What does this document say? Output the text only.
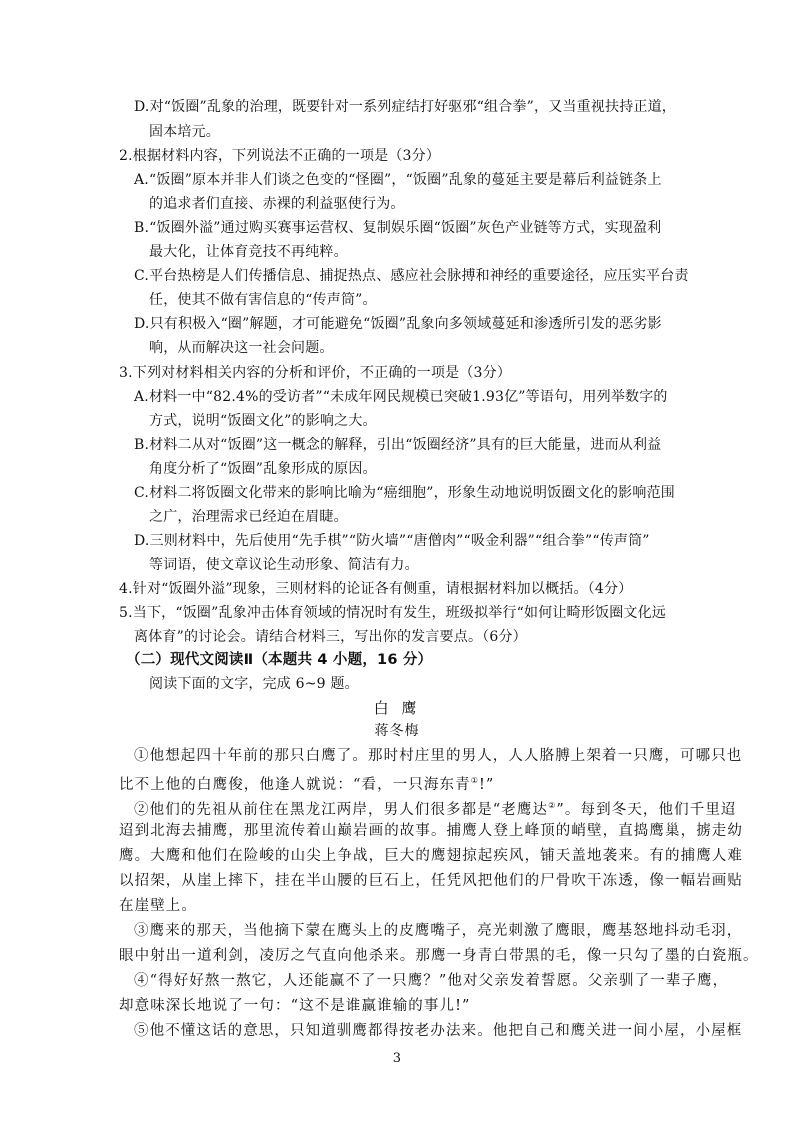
D.对“饭圈”乱象的治理，既要针对一系列症结打好驱邪“组合拳”，又当重视扶持正道，
固本培元。
2.根据材料内容，下列说法不正确的一项是（3分）
A.“饭圈”原本并非人们谈之色变的“怪圈”，“饭圈”乱象的蔓延主要是幕后利益链条上
的追求者们直接、赤裸的利益驱使行为。
B.“饭圈外溢”通过购买赛事运营权、复制娱乐圈“饭圈”灰色产业链等方式，实现盈利
最大化，让体育竞技不再纯粹。
C.平台热榜是人们传播信息、捕捉热点、感应社会脉搏和神经的重要途径，应压实平台责
任，使其不做有害信息的“传声筒”。
D.只有积极入“圈”解题，才可能避免“饭圈”乱象向多领域蔓延和渗透所引发的恶劣影
响，从而解决这一社会问题。
3.下列对材料相关内容的分析和评价，不正确的一项是（3分）
A.材料一中“82.4%的受访者”“未成年网民规模已突破1.93亿”等语句，用列举数字的
方式，说明“饭圈文化”的影响之大。
B.材料二从对“饭圈”这一概念的解释，引出“饭圈经济”具有的巨大能量，进而从利益
角度分析了“饭圈”乱象形成的原因。
C.材料二将饭圈文化带来的影响比喻为“癌细胞”，形象生动地说明饭圈文化的影响范围
之广，治理需求已经迫在眉睫。
D.三则材料中，先后使用“先手棋”“防火墙”“唐僧肉”“吸金利器”“组合拳”“传声筒”
等词语，使文章议论生动形象、简洁有力。
4.针对“饭圈外溢”现象，三则材料的论证各有侧重，请根据材料加以概括。（4分）
5.当下，“饭圈”乱象冲击体育领域的情况时有发生，班级拟举行“如何让畸形饭圈文化远
离体育”的讨论会。请结合材料三，写出你的发言要点。（6分）
（二）现代文阅读Ⅱ（本题共 4 小题，16 分）
阅读下面的文字，完成 6~9 题。
白 鹰
蒋冬梅
①他想起四十年前的那只白鹰了。那时村庄里的男人，人人胳膊上架着一只鹰，可哪只也
比不上他的白鹰俊，他逢人就说：“看，一只海东青①!”
②他们的先祖从前住在黑龙江两岸，男人们很多都是“老鹰达②”。每到冬天，他们千里迢
迢到北海去捕鹰，那里流传着山巅岩画的故事。捕鹰人登上峰顶的峭壁，直捣鹰巢，掳走幼
鹰。大鹰和他们在险峻的山尖上争战，巨大的鹰翅掠起疾风，铺天盖地袭来。有的捕鹰人难
以招架，从崖上摔下，挂在半山腰的巨石上，任凭风把他们的尸骨吹干冻透，像一幅岩画贴
在崖壁上。
③鹰来的那天，当他摘下蒙在鹰头上的皮鹰嘴子，亮光刺激了鹰眼，鹰基怒地抖动毛羽，
眼中射出一道利剑，凌厉之气直向他杀来。那鹰一身青白带黑的毛，像一只勾了墨的白瓷瓶。
④“得好好熬一熬它，人还能赢不了一只鹰？”他对父亲发着誓愿。父亲驯了一辈子鹰，
却意味深长地说了一句：“这不是谁赢谁输的事儿!”
⑤他不懂这话的意思，只知道驯鹰都得按老办法来。他把自己和鹰关进一间小屋，小屋框
3
